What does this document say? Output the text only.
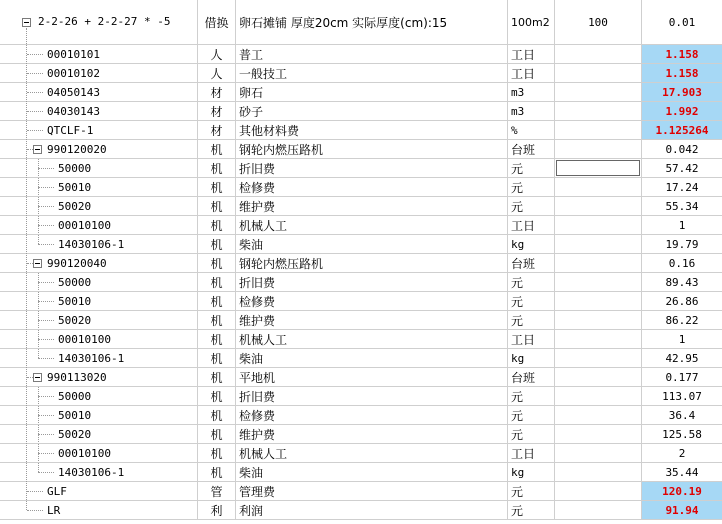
2-2-26 + 2-2-27 * -5	借换 卵石摊铺 厚度20cm 实际厚度(cm):15	100m2	100	0.01
00010101	人	普工	工日	1.158
00010102	人	一般技工	工日	1.158
04050143	材	卵石	m3	17.903
04030143	材	砂子	m3	1.992
QTCLF-1	材	其他材料费	%	1.125264
990120020	机	钢轮内燃压路机	台班	0.042
50000	机	折旧费	元	57.42
50010	机	检修费	元	17.24
50020	机	维护费	元	55.34
00010100	机	机械人工	工日	1
14030106-1	机	柴油	kg	19.79
990120040	机	钢轮内燃压路机	台班	0.16
50000	机	折旧费	元	89.43
50010	机	检修费	元	26.86
50020	机	维护费	元	86.22
00010100	机	机械人工	工日	1
14030106-1	机	柴油	kg	42.95
990113020	机	平地机	台班	0.177
50000	机	折旧费	元	113.07
50010	机	检修费	元	36.4
50020	机	维护费	元	125.58
00010100	机	机械人工	工日	2
14030106-1	机	柴油	kg	35.44
GLF	管	管理费	元	120.19
LR	利	利润	元	91.94
